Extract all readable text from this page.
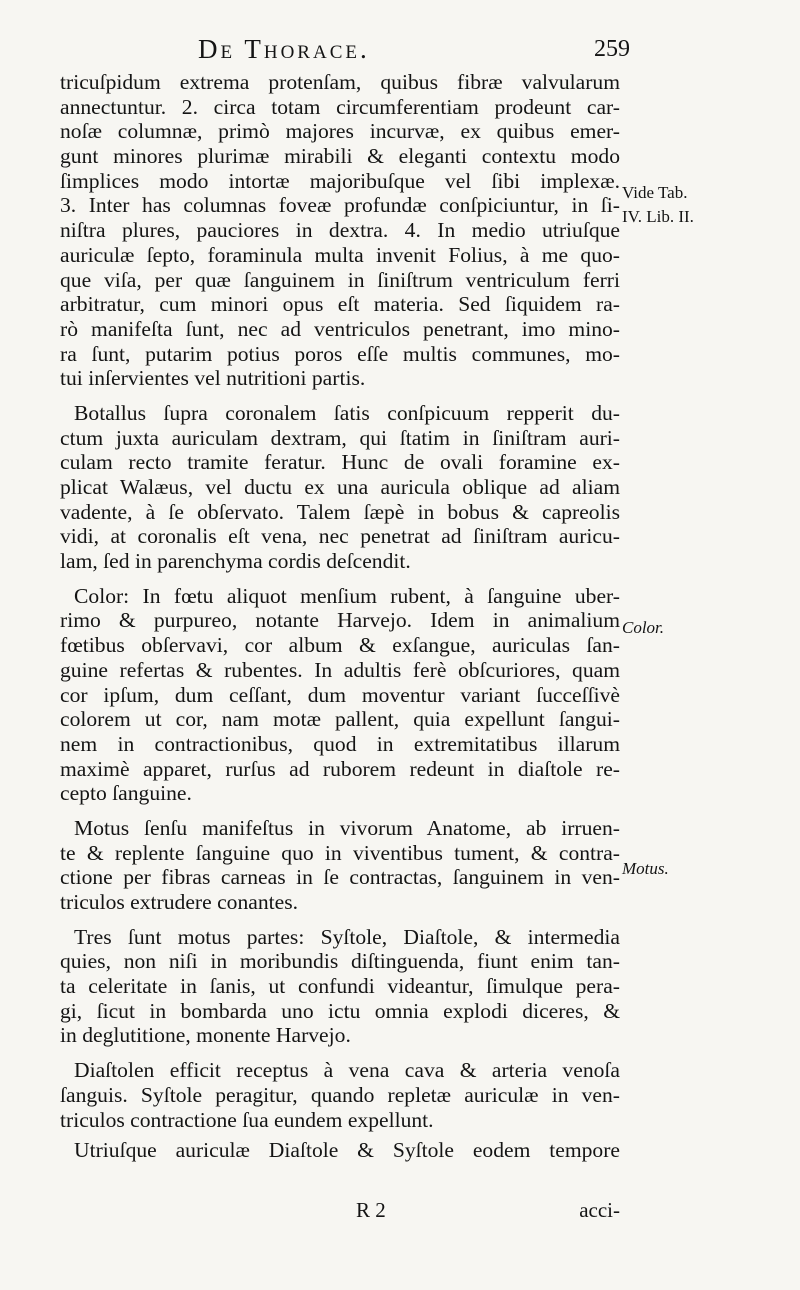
De Thorace.	259
tricuſpidum extrema protenſam, quibus fibræ valvularum
annectuntur. 2. circa totam circumferentiam prodeunt car-
noſæ columnæ, primò majores incurvæ, ex quibus emer-
gunt minores plurimæ mirabili & eleganti contextu modo
ſimplices modo intortæ majoribuſque vel ſibi implexæ.
3. Inter has columnas foveæ profundæ conſpiciuntur, in ſi-
niſtra plures, pauciores in dextra. 4. In medio utriuſque
auriculæ ſepto, foraminula multa invenit Folius, à me quo-
que viſa, per quæ ſanguinem in ſiniſtrum ventriculum ferri
arbitratur, cum minori opus eſt materia. Sed ſiquidem ra-
rò manifeſta ſunt, nec ad ventriculos penetrant, imo mino-
ra ſunt, putarim potius poros eſſe multis communes, mo-
tui inſervientes vel nutritioni partis.
Botallus ſupra coronalem ſatis conſpicuum repperit du-
ctum juxta auriculam dextram, qui ſtatim in ſiniſtram auri-
culam recto tramite feratur. Hunc de ovali foramine ex-
plicat Walæus, vel ductu ex una auricula oblique ad aliam
vadente, à ſe obſervato. Talem ſæpè in bobus & capreolis
vidi, at coronalis eſt vena, nec penetrat ad ſiniſtram auricu-
lam, ſed in parenchyma cordis deſcendit.
Color: In fœtu aliquot menſium rubent, à ſanguine uber-
rimo & purpureo, notante Harvejo. Idem in animalium
fœtibus obſervavi, cor album & exſangue, auriculas ſan-
guine refertas & rubentes. In adultis ferè obſcuriores, quam
cor ipſum, dum ceſſant, dum moventur variant ſucceſſivè
colorem ut cor, nam motæ pallent, quia expellunt ſangui-
nem in contractionibus, quod in extremitatibus illarum
maximè apparet, rurſus ad ruborem redeunt in diaſtole re-
cepto ſanguine.
Motus ſenſu manifeſtus in vivorum Anatome, ab irruen-
te & replente ſanguine quo in viventibus tument, & contra-
ctione per fibras carneas in ſe contractas, ſanguinem in ven-
triculos extrudere conantes.
Tres ſunt motus partes: Syſtole, Diaſtole, & intermedia
quies, non niſi in moribundis diſtinguenda, fiunt enim tan-
ta celeritate in ſanis, ut confundi videantur, ſimulque pera-
gi, ſicut in bombarda uno ictu omnia explodi diceres, &
in deglutitione, monente Harvejo.
Diaſtolen efficit receptus à vena cava & arteria venoſa
ſanguis. Syſtole peragitur, quando repletæ auriculæ in ven-
triculos contractione ſua eundem expellunt.
Utriuſque auriculæ Diaſtole & Syſtole eodem tempore
Vide Tab.
IV. Lib. II.
Color.
Motus.
R 2	acci-
